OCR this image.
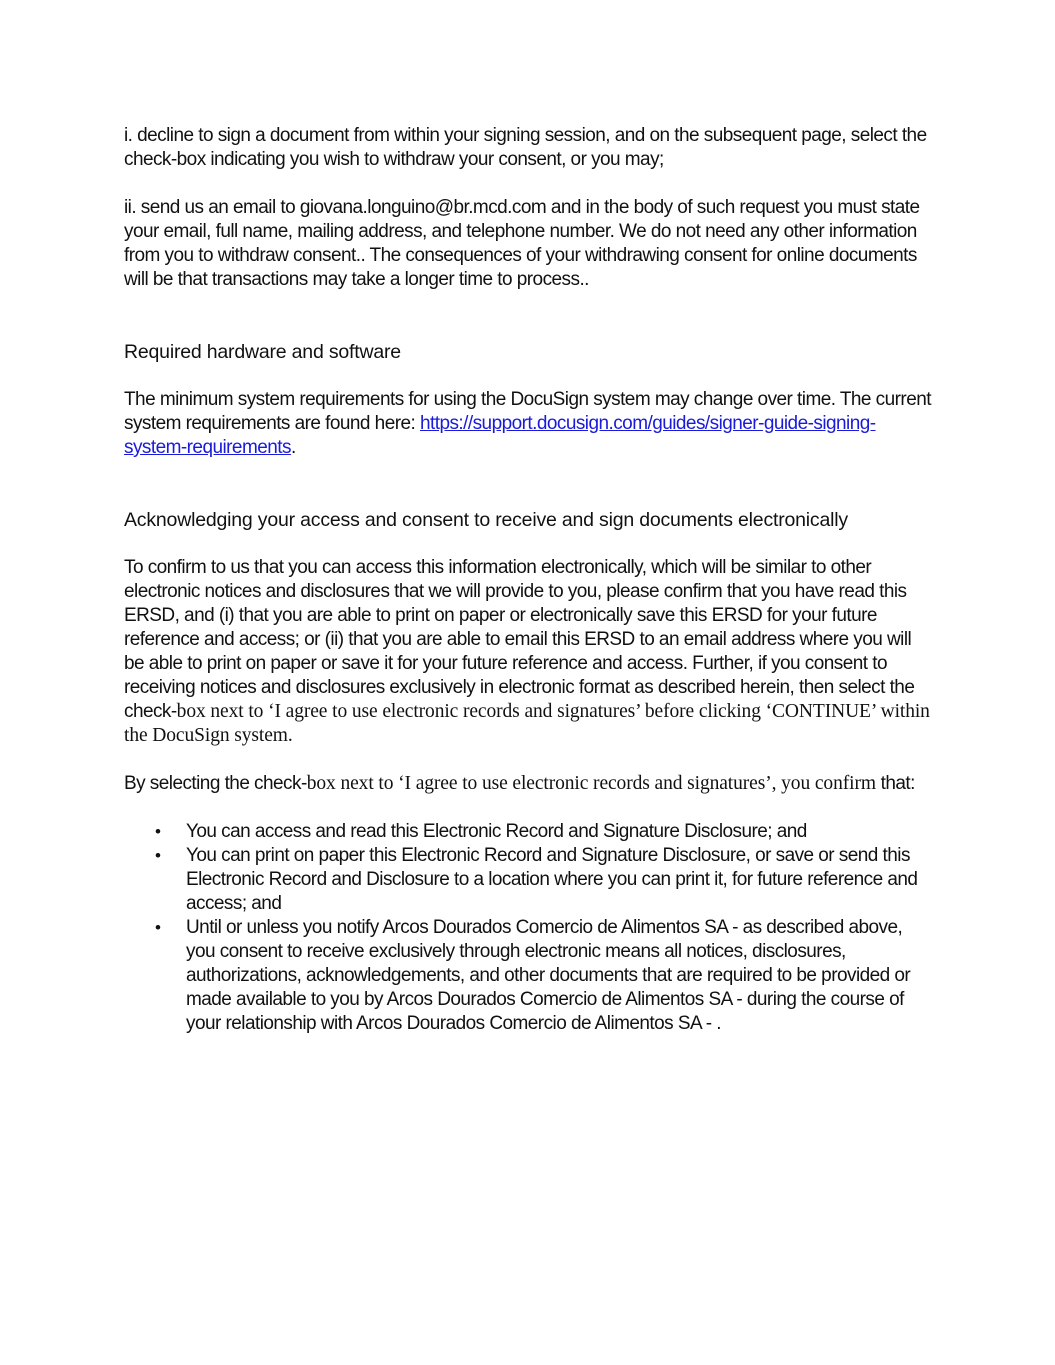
i. decline to sign a document from within your signing session, and on the subsequent page, select the check-box indicating you wish to withdraw your consent, or you may;

ii. send us an email to giovana.longuino@br.mcd.com and in the body of such request you must state your email, full name, mailing address, and telephone number. We do not need any other information from you to withdraw consent.. The consequences of your withdrawing consent for online documents will be that transactions may take a longer time to process..

Required hardware and software

The minimum system requirements for using the DocuSign system may change over time. The current system requirements are found here: https://support.docusign.com/guides/signer-guide-signing-system-requirements.

Acknowledging your access and consent to receive and sign documents electronically

To confirm to us that you can access this information electronically, which will be similar to other electronic notices and disclosures that we will provide to you, please confirm that you have read this ERSD, and (i) that you are able to print on paper or electronically save this ERSD for your future reference and access; or (ii) that you are able to email this ERSD to an email address where you will be able to print on paper or save it for your future reference and access. Further, if you consent to receiving notices and disclosures exclusively in electronic format as described herein, then select the check-box next to ‘I agree to use electronic records and signatures’ before clicking ‘CONTINUE’ within the DocuSign system.

By selecting the check-box next to ‘I agree to use electronic records and signatures’, you confirm that:

• You can access and read this Electronic Record and Signature Disclosure; and
• You can print on paper this Electronic Record and Signature Disclosure, or save or send this Electronic Record and Disclosure to a location where you can print it, for future reference and access; and
• Until or unless you notify Arcos Dourados Comercio de Alimentos SA - as described above, you consent to receive exclusively through electronic means all notices, disclosures, authorizations, acknowledgements, and other documents that are required to be provided or made available to you by Arcos Dourados Comercio de Alimentos SA - during the course of your relationship with Arcos Dourados Comercio de Alimentos SA - .
